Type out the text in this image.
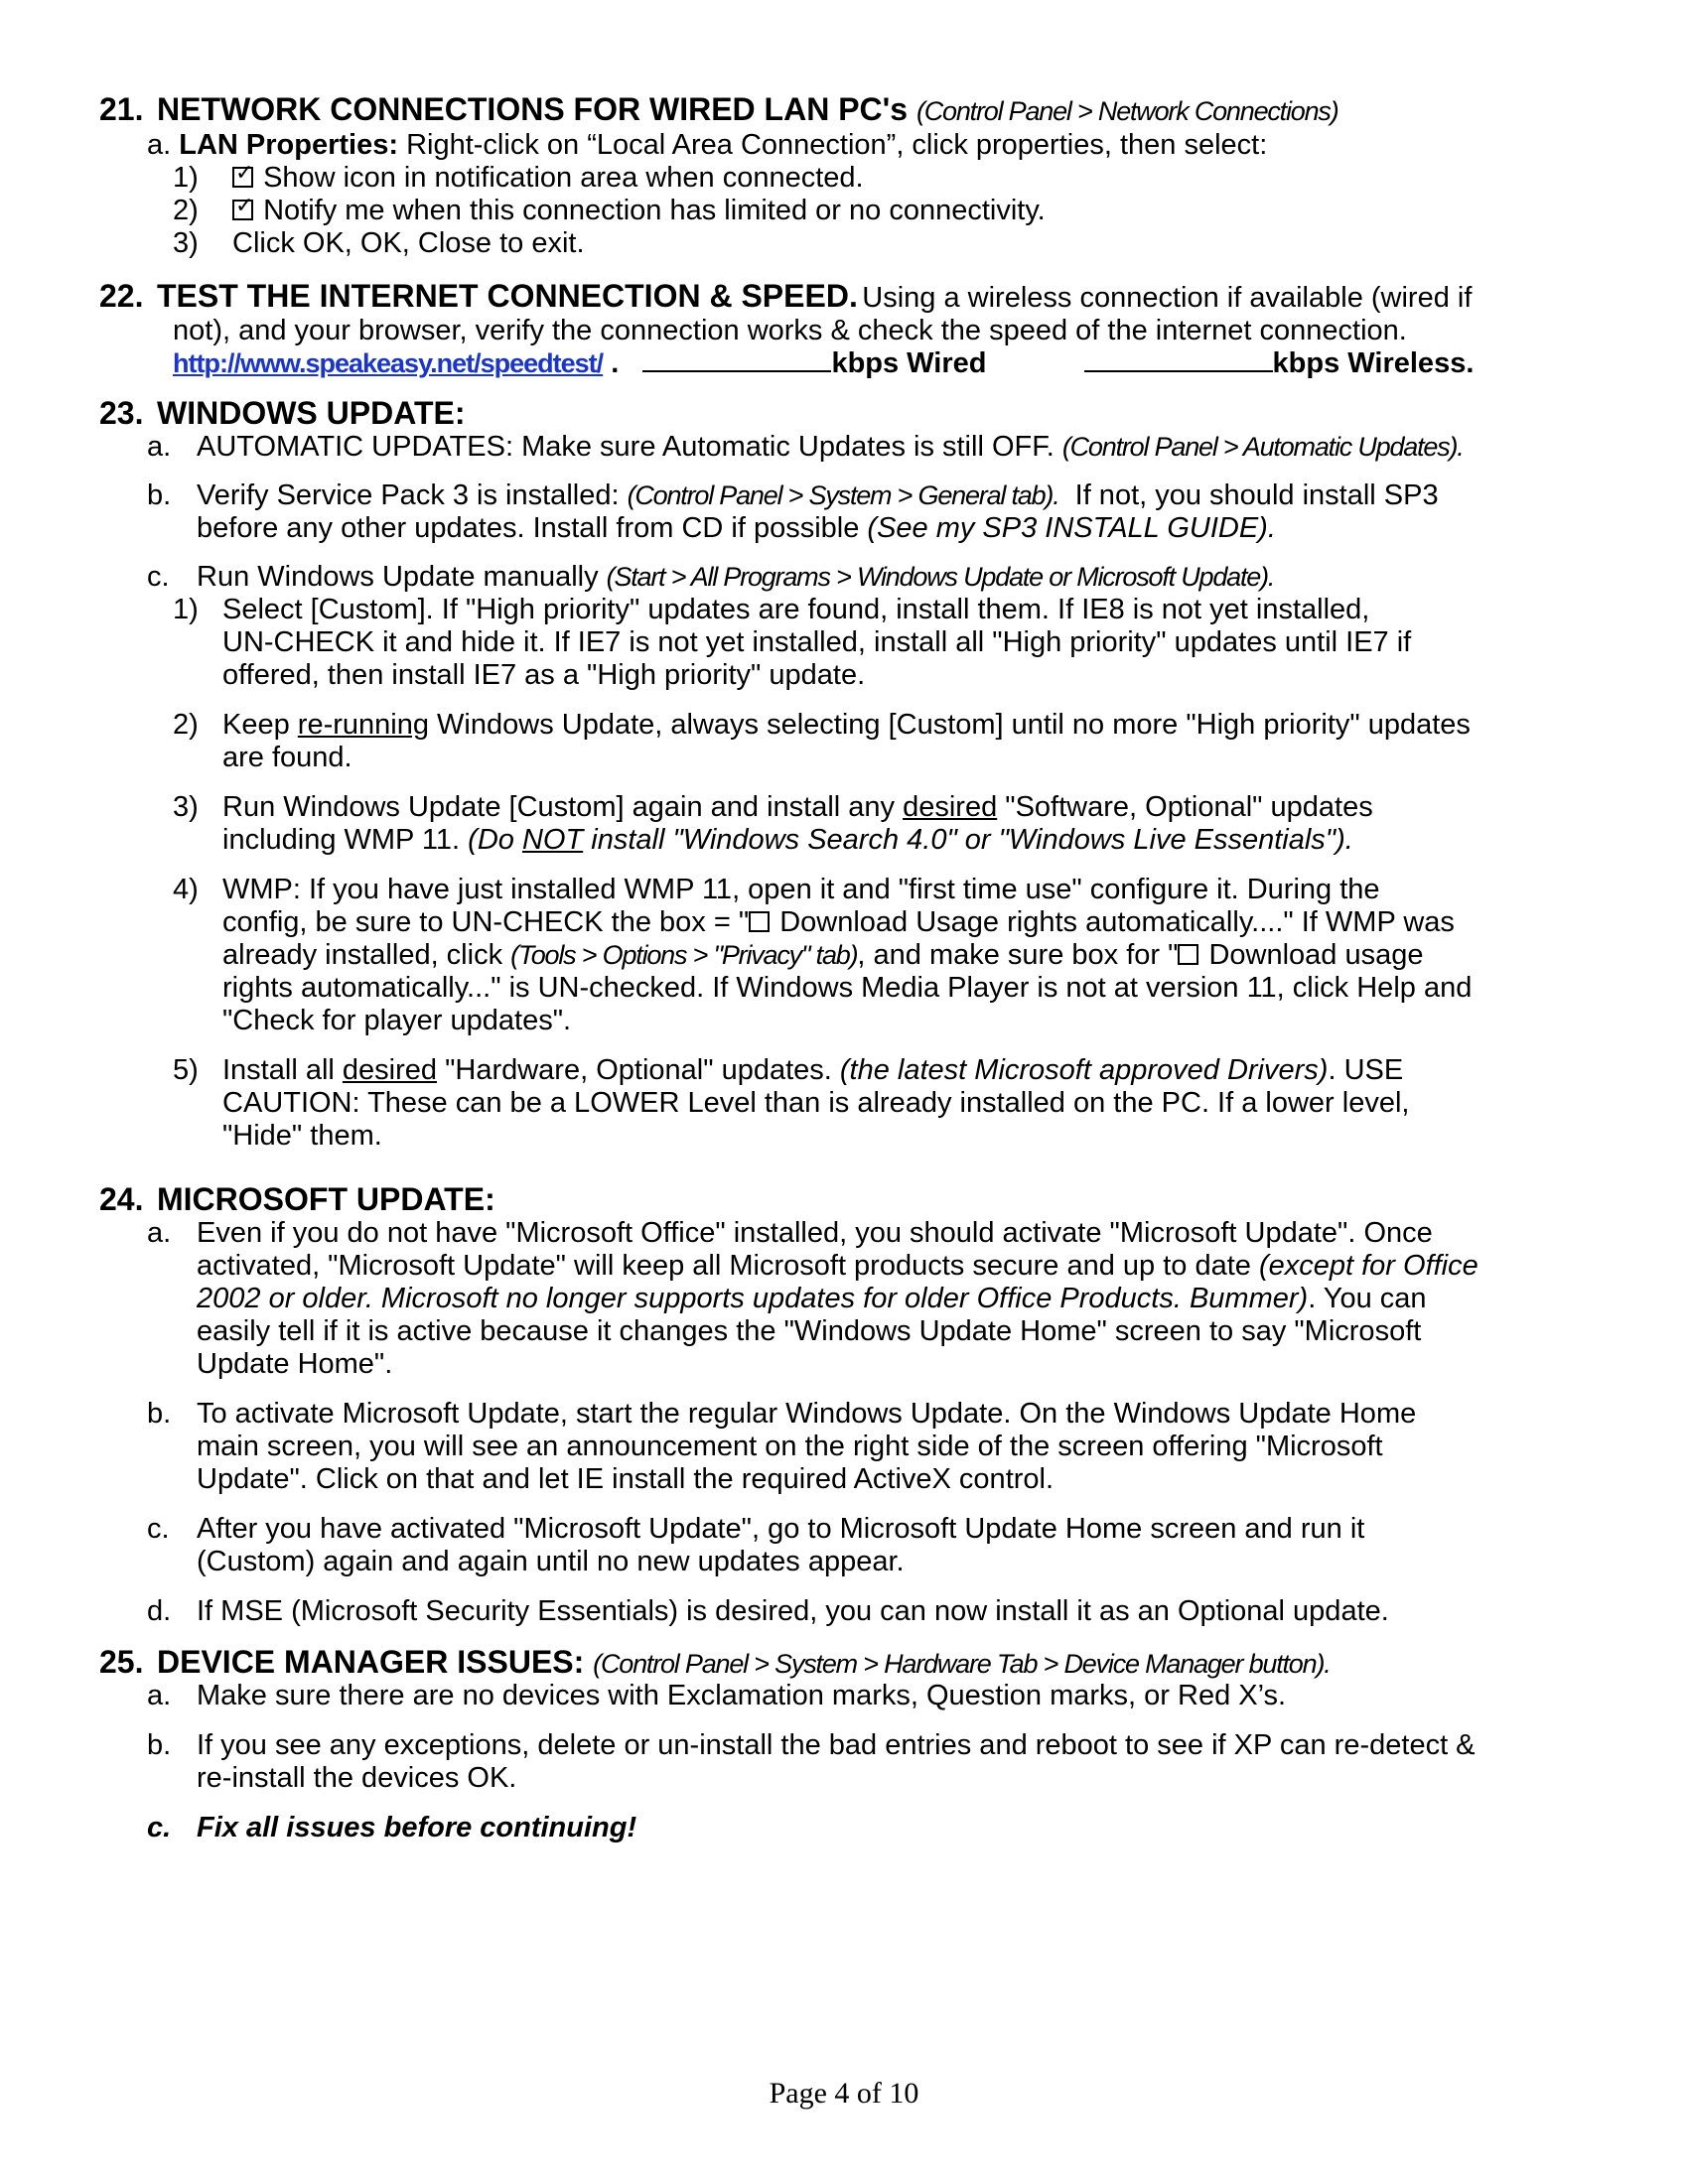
21. NETWORK CONNECTIONS FOR WIRED LAN PC's (Control Panel > Network Connections)
a. LAN Properties: Right-click on “Local Area Connection”, click properties, then select:
1) ✓ Show icon in notification area when connected.
2) ✓ Notify me when this connection has limited or no connectivity.
3) Click OK, OK, Close to exit.
22. TEST THE INTERNET CONNECTION & SPEED. Using a wireless connection if available (wired if
not), and your browser, verify the connection works & check the speed of the internet connection.
http://www.speakeasy.net/speedtest/ .	kbps Wired	kbps Wireless.
23. WINDOWS UPDATE:
a. AUTOMATIC UPDATES: Make sure Automatic Updates is still OFF. (Control Panel > Automatic Updates).
b. Verify Service Pack 3 is installed: (Control Panel > System > General tab). If not, you should install SP3
before any other updates. Install from CD if possible (See my SP3 INSTALL GUIDE).
c. Run Windows Update manually (Start > All Programs > Windows Update or Microsoft Update).
1) Select [Custom]. If "High priority" updates are found, install them. If IE8 is not yet installed,
UN-CHECK it and hide it. If IE7 is not yet installed, install all "High priority" updates until IE7 if
offered, then install IE7 as a "High priority" update.
2) Keep re-running Windows Update, always selecting [Custom] until no more "High priority" updates
are found.
3) Run Windows Update [Custom] again and install any desired "Software, Optional" updates
including WMP 11. (Do NOT install "Windows Search 4.0" or "Windows Live Essentials").
4) WMP: If you have just installed WMP 11, open it and "first time use" configure it. During the
config, be sure to UN-CHECK the box = " Download Usage rights automatically...." If WMP was
already installed, click (Tools > Options > "Privacy" tab), and make sure box for " Download usage
rights automatically..." is UN-checked. If Windows Media Player is not at version 11, click Help and
"Check for player updates".
5) Install all desired "Hardware, Optional" updates. (the latest Microsoft approved Drivers). USE
CAUTION: These can be a LOWER Level than is already installed on the PC. If a lower level,
"Hide" them.
24. MICROSOFT UPDATE:
a. Even if you do not have "Microsoft Office" installed, you should activate "Microsoft Update". Once
activated, "Microsoft Update" will keep all Microsoft products secure and up to date (except for Office
2002 or older. Microsoft no longer supports updates for older Office Products. Bummer). You can
easily tell if it is active because it changes the "Windows Update Home" screen to say "Microsoft
Update Home".
b. To activate Microsoft Update, start the regular Windows Update. On the Windows Update Home
main screen, you will see an announcement on the right side of the screen offering "Microsoft
Update". Click on that and let IE install the required ActiveX control.
c. After you have activated "Microsoft Update", go to Microsoft Update Home screen and run it
(Custom) again and again until no new updates appear.
d. If MSE (Microsoft Security Essentials) is desired, you can now install it as an Optional update.
25. DEVICE MANAGER ISSUES: (Control Panel > System > Hardware Tab > Device Manager button).
a. Make sure there are no devices with Exclamation marks, Question marks, or Red X’s.
b. If you see any exceptions, delete or un-install the bad entries and reboot to see if XP can re-detect &
re-install the devices OK.
c. Fix all issues before continuing!
Page 4 of 10
